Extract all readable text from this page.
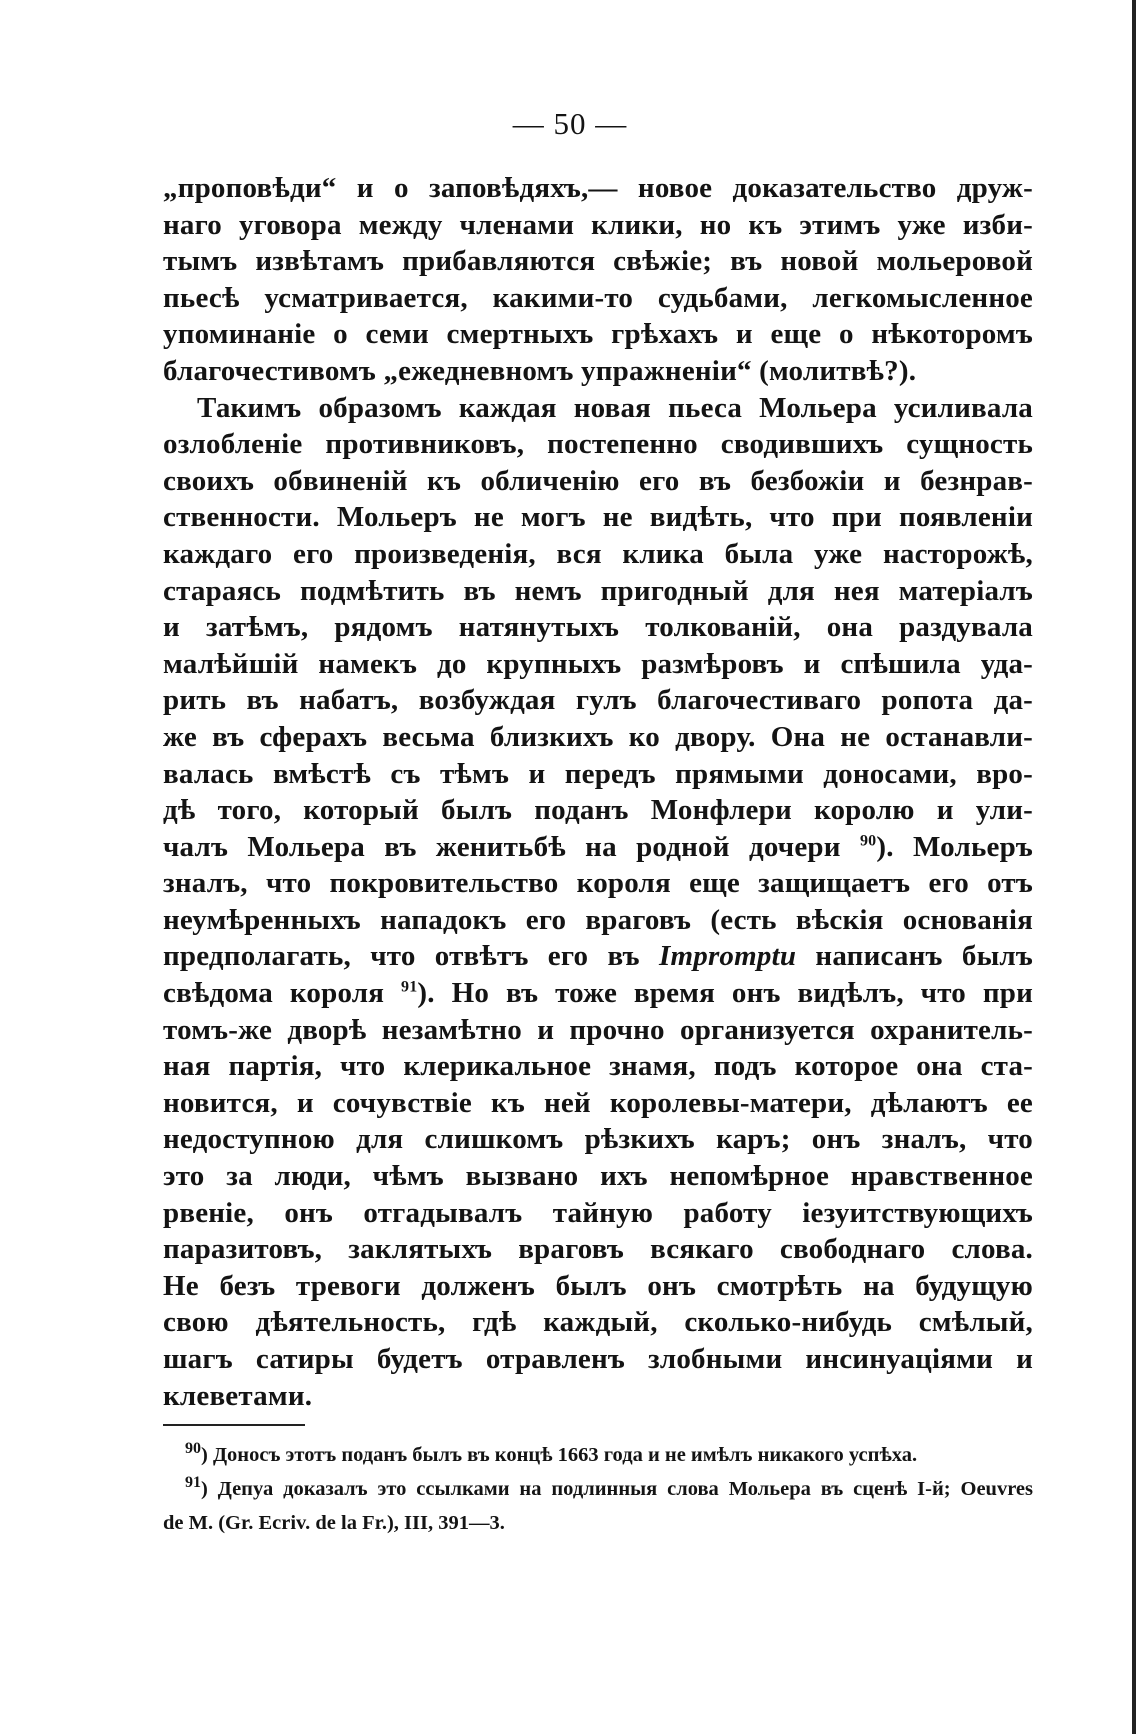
— 50 —
„проповѣди“ и о заповѣдяхъ,— новое доказательство друж-
наго уговора между членами клики, но къ этимъ уже изби-
тымъ извѣтамъ прибавляются свѣжіе; въ новой мольеровой
пьесѣ усматривается, какими-то судьбами, легкомысленное
упоминаніе о семи смертныхъ грѣхахъ и еще о нѣкоторомъ
благочестивомъ „ежедневномъ упражненіи“ (молитвѣ?).
Такимъ образомъ каждая новая пьеса Мольера усиливала
озлобленіе противниковъ, постепенно сводившихъ сущность
своихъ обвиненій къ обличенію его въ безбожіи и безнрав-
ственности. Мольеръ не могъ не видѣть, что при появленіи
каждаго его произведенія, вся клика была уже насторожѣ,
стараясь подмѣтить въ немъ пригодный для нея матеріалъ
и затѣмъ, рядомъ натянутыхъ толкованій, она раздувала
малѣйшій намекъ до крупныхъ размѣровъ и спѣшила уда-
рить въ набатъ, возбуждая гулъ благочестиваго ропота да-
же въ сферахъ весьма близкихъ ко двору. Она не останавли-
валась вмѣстѣ съ тѣмъ и передъ прямыми доносами, вро-
дѣ того, который былъ поданъ Монфлери королю и ули-
чалъ Мольера въ женитьбѣ на родной дочери $^{90}$). Мольеръ
зналъ, что покровительство короля еще защищаетъ его отъ
неумѣренныхъ нападокъ его враговъ (есть вѣскія основанія
предполагать, что отвѣтъ его въ Impromptu написанъ былъ
свѣдома короля $^{91}$). Но въ тоже время онъ видѣлъ, что при
томъ-же дворѣ незамѣтно и прочно организуется охранитель-
ная партія, что клерикальное знамя, подъ которое она ста-
новится, и сочувствіе къ ней королевы-матери, дѣлаютъ ее
недоступною для слишкомъ рѣзкихъ каръ; онъ зналъ, что
это за люди, чѣмъ вызвано ихъ непомѣрное нравственное
рвеніе, онъ отгадывалъ тайную работу іезуитствующихъ
паразитовъ, заклятыхъ враговъ всякаго свободнаго слова.
Не безъ тревоги долженъ былъ онъ смотрѣть на будущую
свою дѣятельность, гдѣ каждый, сколько-нибудь смѣлый,
шагъ сатиры будетъ отравленъ злобными инсинуаціями и
клеветами.
$^{90}$) Доносъ этотъ поданъ былъ въ концѣ 1663 года и не имѣлъ никакого успѣха.
$^{91}$) Депуа доказалъ это ссылками на подлинныя слова Мольера въ сценѣ I-й; Oeuvres
de M. (Gr. Ecriv. de la Fr.), III, 391—3.
